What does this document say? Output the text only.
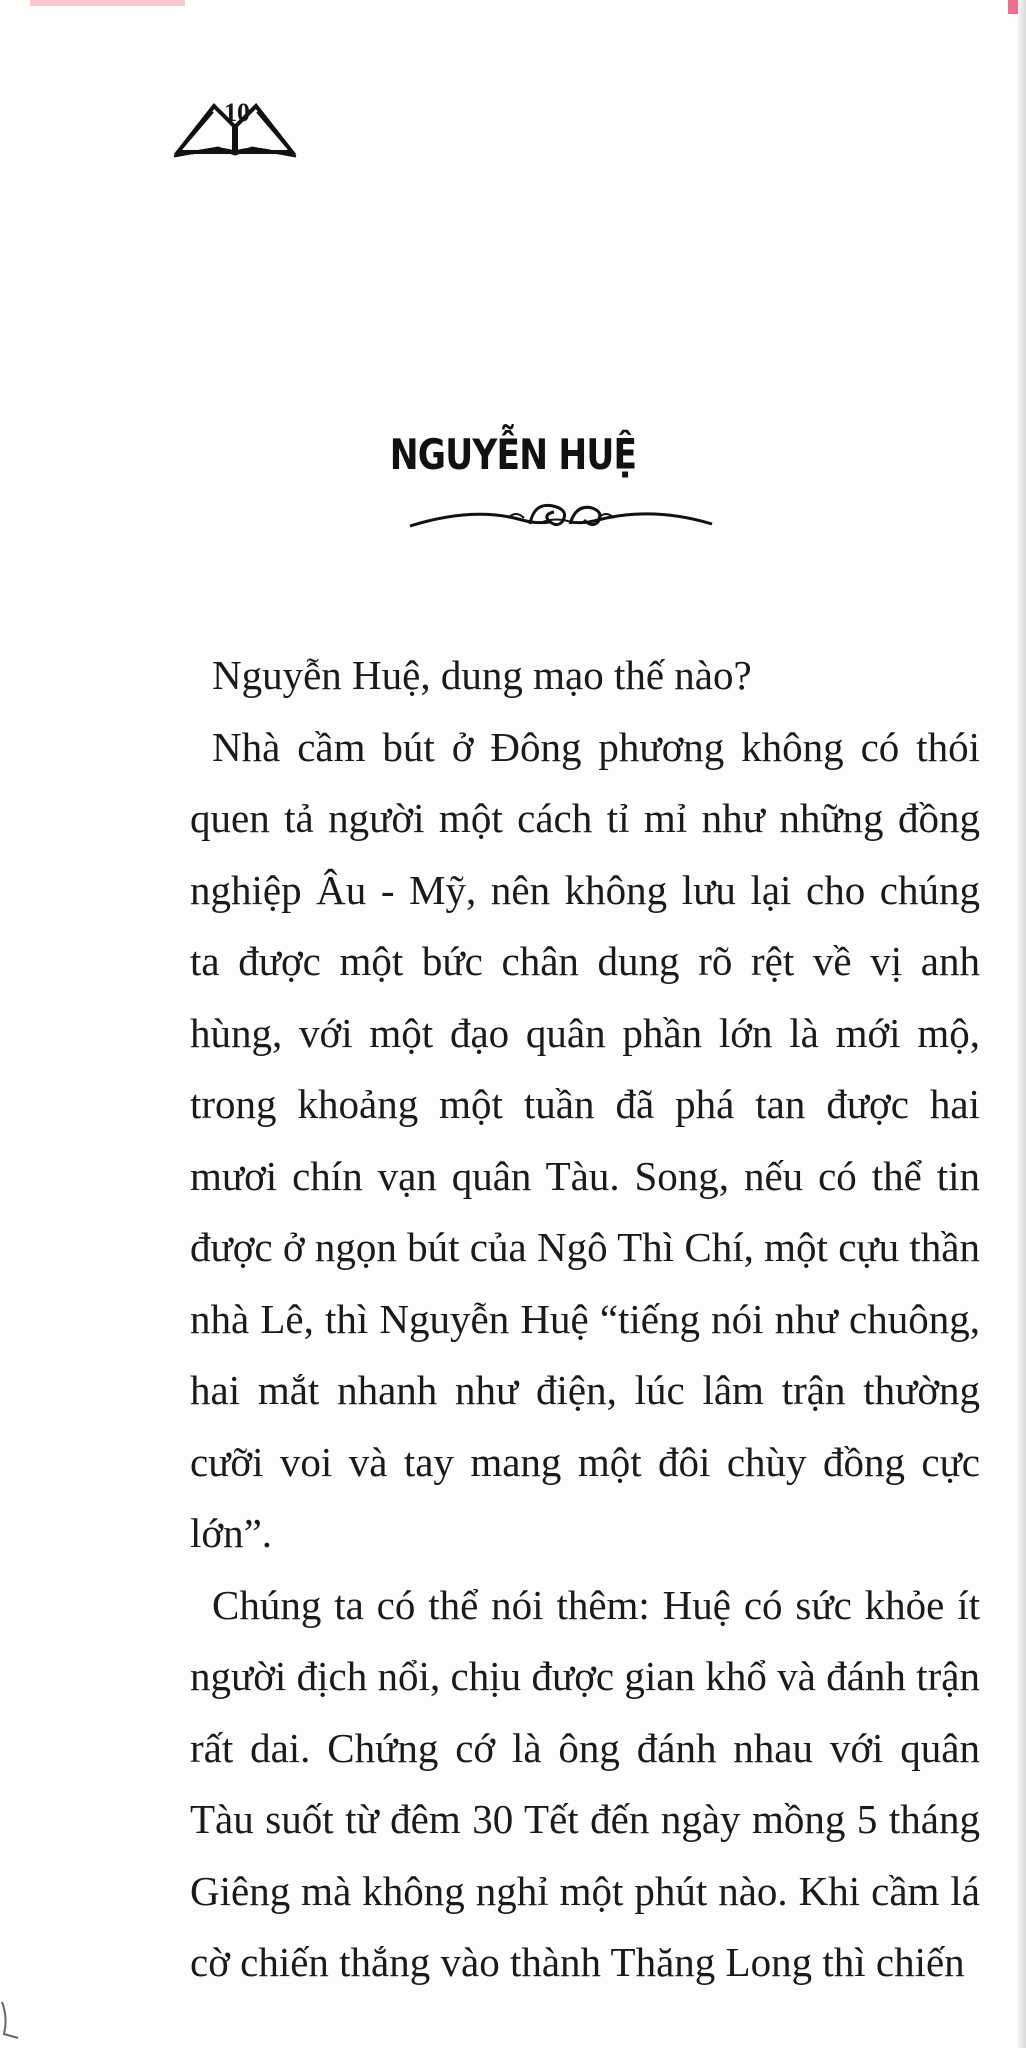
10
NGUYỄN HUỆ

Nguyễn Huệ, dung mạo thế nào?

Nhà cầm bút ở Đông phương không có thói quen tả người một cách tỉ mỉ như những đồng nghiệp Âu - Mỹ, nên không lưu lại cho chúng ta được một bức chân dung rõ rệt về vị anh hùng, với một đạo quân phần lớn là mới mộ, trong khoảng một tuần đã phá tan được hai mươi chín vạn quân Tàu. Song, nếu có thể tin được ở ngọn bút của Ngô Thì Chí, một cựu thần nhà Lê, thì Nguyễn Huệ “tiếng nói như chuông, hai mắt nhanh như điện, lúc lâm trận thường cưỡi voi và tay mang một đôi chùy đồng cực lớn”.

Chúng ta có thể nói thêm: Huệ có sức khỏe ít người địch nổi, chịu được gian khổ và đánh trận rất dai. Chứng cớ là ông đánh nhau với quân Tàu suốt từ đêm 30 Tết đến ngày mồng 5 tháng Giêng mà không nghỉ một phút nào. Khi cầm lá cờ chiến thắng vào thành Thăng Long thì chiến
